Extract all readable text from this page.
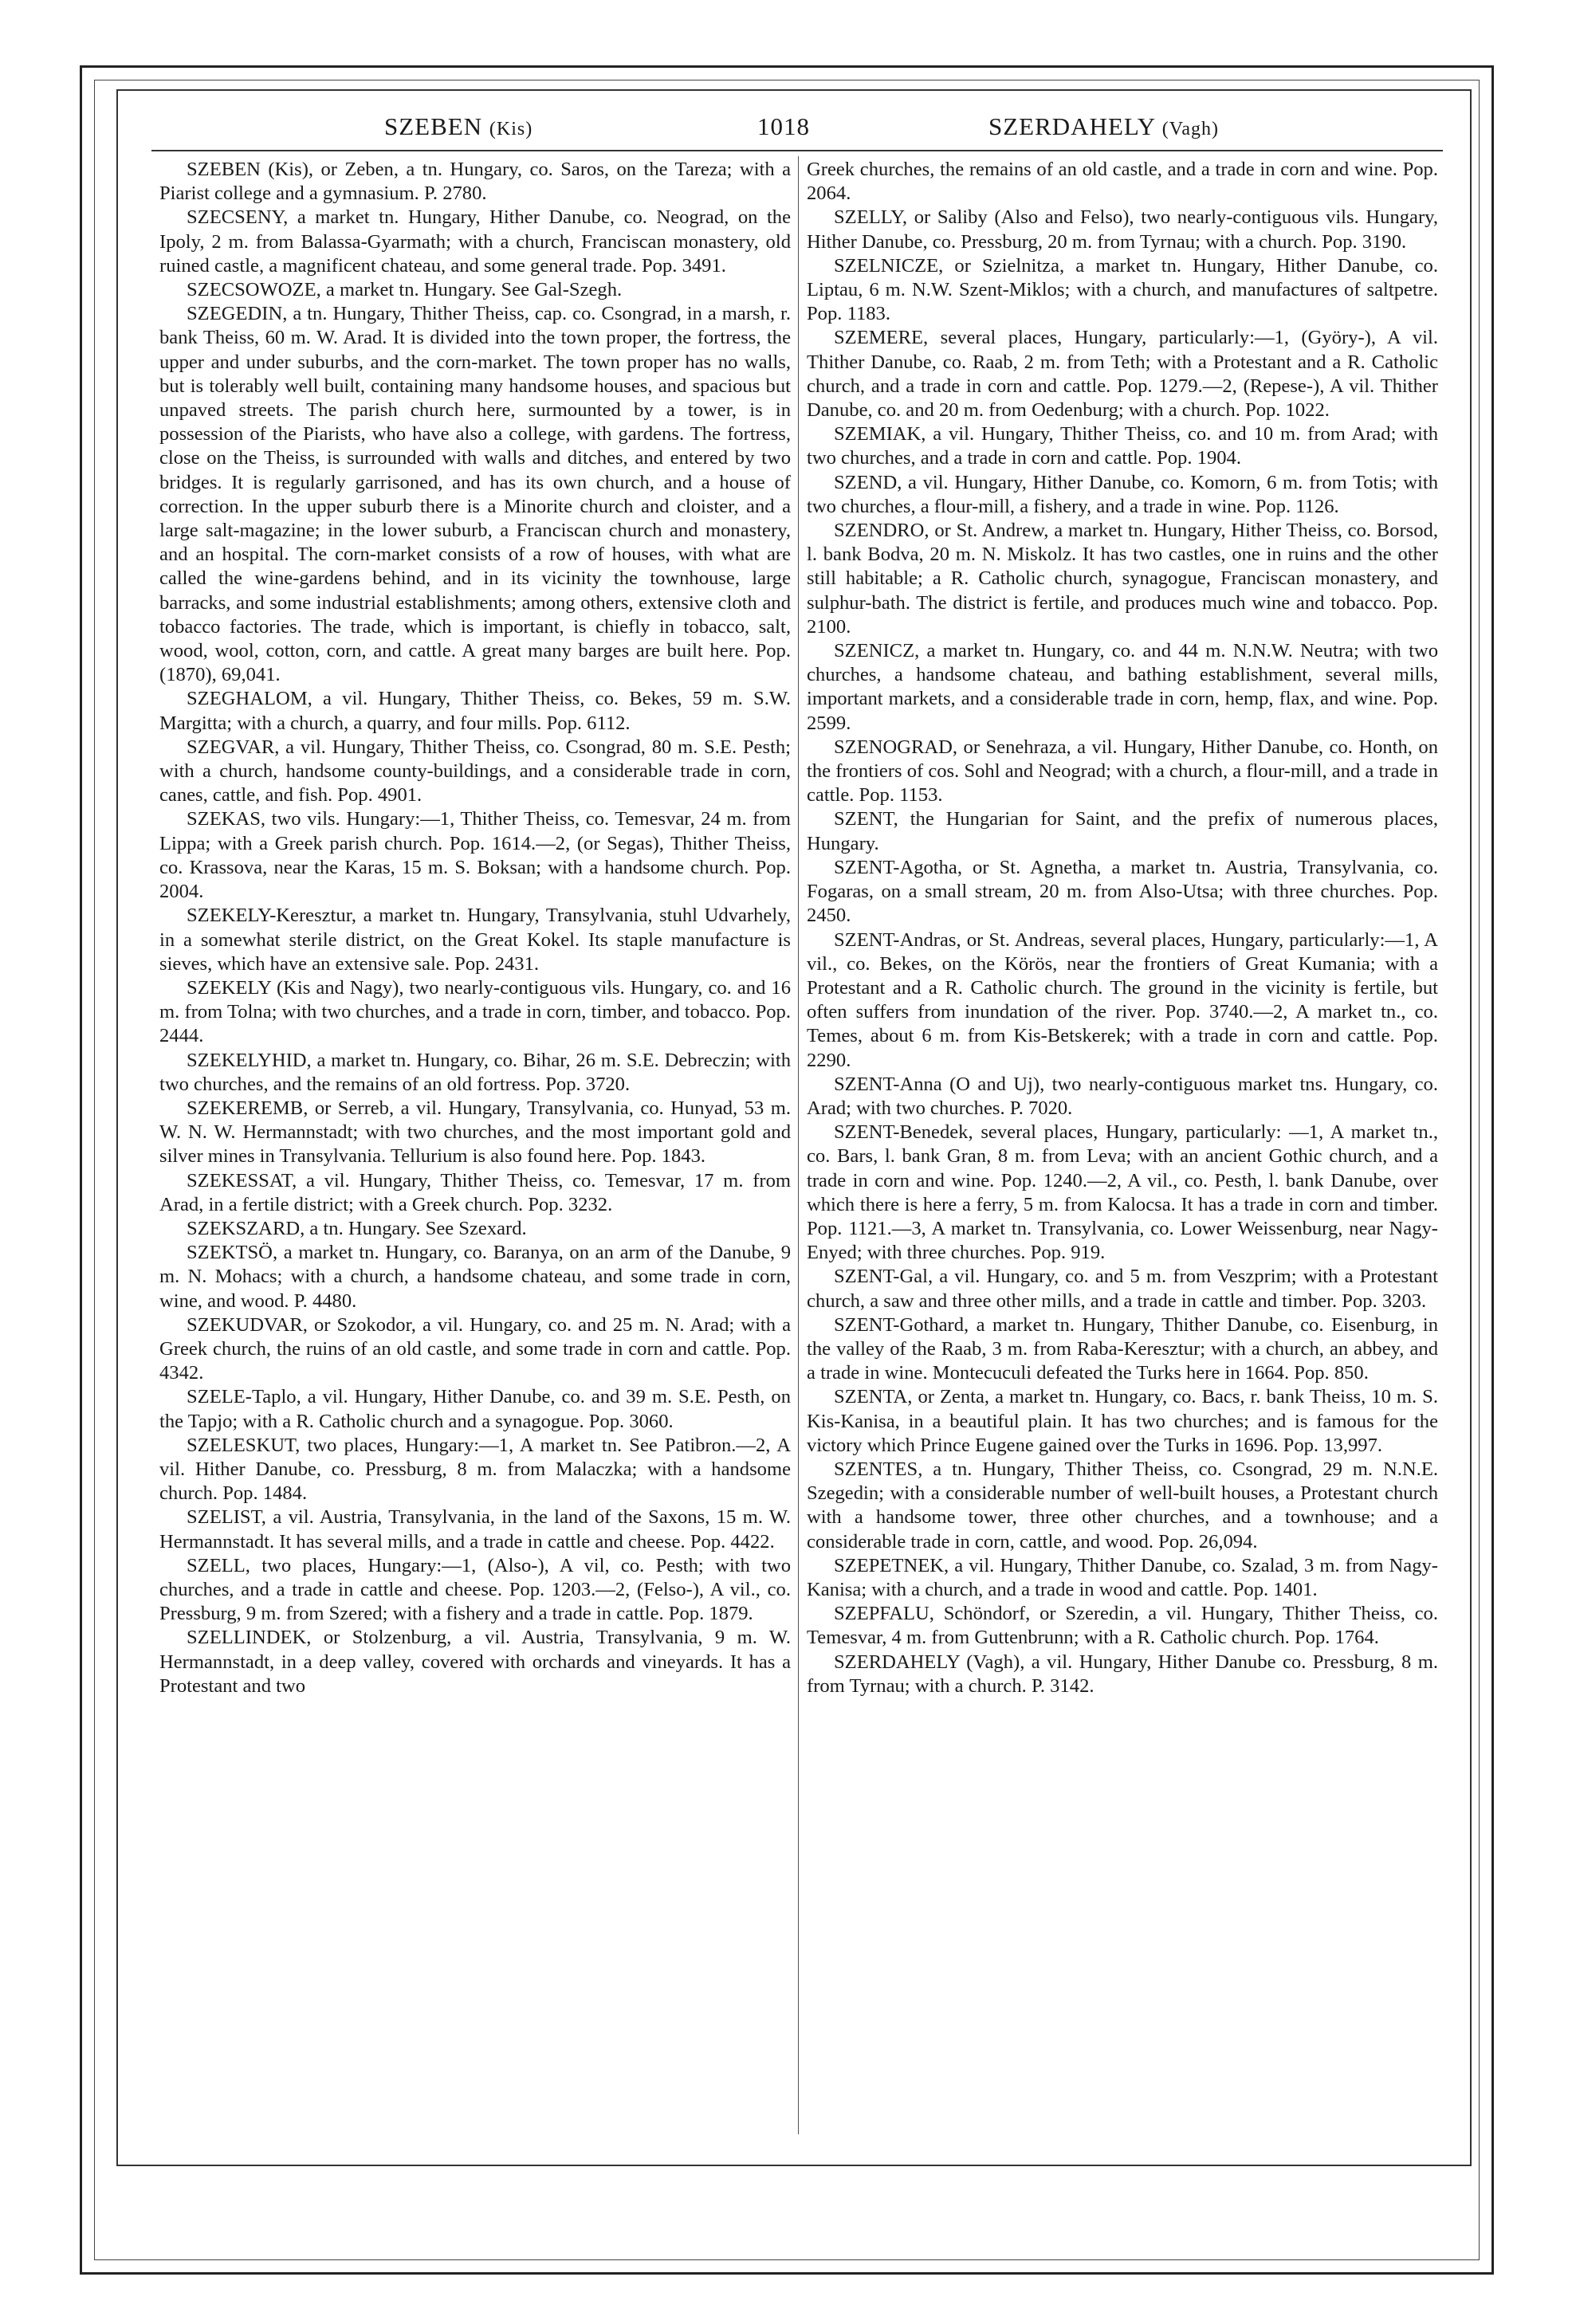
SZEBEN (Kis)	1018	SZERDAHELY (Vagh)

SZEBEN (Kis), or Zeben, a tn. Hungary, co. Saros, on the Tareza; with a Piarist college and a gymnasium. P. 2780.

SZECSENY, a market tn. Hungary, Hither Danube, co. Neograd, on the Ipoly, 2 m. from Balassa-Gyarmath; with a church, Franciscan monastery, old ruined castle, a magnificent chateau, and some general trade. Pop. 3491.

SZECSOWOZE, a market tn. Hungary. See Gal-Szegh.

SZEGEDIN, a tn. Hungary, Thither Theiss, cap. co. Csongrad, in a marsh, r. bank Theiss, 60 m. W. Arad. It is divided into the town proper, the fortress, the upper and under suburbs, and the corn-market. The town proper has no walls, but is tolerably well built, containing many handsome houses, and spacious but unpaved streets. The parish church here, surmounted by a tower, is in possession of the Piarists, who have also a college, with gardens. The fortress, close on the Theiss, is surrounded with walls and ditches, and entered by two bridges. It is regularly garrisoned, and has its own church, and a house of correction. In the upper suburb there is a Minorite church and cloister, and a large salt-magazine; in the lower suburb, a Franciscan church and monastery, and an hospital. The corn-market consists of a row of houses, with what are called the wine-gardens behind, and in its vicinity the townhouse, large barracks, and some industrial establishments; among others, extensive cloth and tobacco factories. The trade, which is important, is chiefly in tobacco, salt, wood, wool, cotton, corn, and cattle. A great many barges are built here. Pop. (1870), 69,041.

SZEGHALOM, a vil. Hungary, Thither Theiss, co. Bekes, 59 m. S.W. Margitta; with a church, a quarry, and four mills. Pop. 6112.

SZEGVAR, a vil. Hungary, Thither Theiss, co. Csongrad, 80 m. S.E. Pesth; with a church, handsome county-buildings, and a considerable trade in corn, canes, cattle, and fish. Pop. 4901.

SZEKAS, two vils. Hungary:—1, Thither Theiss, co. Temesvar, 24 m. from Lippa; with a Greek parish church. Pop. 1614.—2, (or Segas), Thither Theiss, co. Krassova, near the Karas, 15 m. S. Boksan; with a handsome church. Pop. 2004.

SZEKELY-Keresztur, a market tn. Hungary, Transylvania, stuhl Udvarhely, in a somewhat sterile district, on the Great Kokel. Its staple manufacture is sieves, which have an extensive sale. Pop. 2431.

SZEKELY (Kis and Nagy), two nearly-contiguous vils. Hungary, co. and 16 m. from Tolna; with two churches, and a trade in corn, timber, and tobacco. Pop. 2444.

SZEKELYHID, a market tn. Hungary, co. Bihar, 26 m. S.E. Debreczin; with two churches, and the remains of an old fortress. Pop. 3720.

SZEKEREMB, or Serreb, a vil. Hungary, Transylvania, co. Hunyad, 53 m. W. N. W. Hermannstadt; with two churches, and the most important gold and silver mines in Transylvania. Tellurium is also found here. Pop. 1843.

SZEKESSAT, a vil. Hungary, Thither Theiss, co. Temesvar, 17 m. from Arad, in a fertile district; with a Greek church. Pop. 3232.

SZEKSZARD, a tn. Hungary. See Szexard.

SZEKTSÖ, a market tn. Hungary, co. Baranya, on an arm of the Danube, 9 m. N. Mohacs; with a church, a handsome chateau, and some trade in corn, wine, and wood. P. 4480.

SZEKUDVAR, or Szokodor, a vil. Hungary, co. and 25 m. N. Arad; with a Greek church, the ruins of an old castle, and some trade in corn and cattle. Pop. 4342.

SZELE-Taplo, a vil. Hungary, Hither Danube, co. and 39 m. S.E. Pesth, on the Tapjo; with a R. Catholic church and a synagogue. Pop. 3060.

SZELESKUT, two places, Hungary:—1, A market tn. See Patibron.—2, A vil. Hither Danube, co. Pressburg, 8 m. from Malaczka; with a handsome church. Pop. 1484.

SZELIST, a vil. Austria, Transylvania, in the land of the Saxons, 15 m. W. Hermannstadt. It has several mills, and a trade in cattle and cheese. Pop. 4422.

SZELL, two places, Hungary:—1, (Also-), A vil, co. Pesth; with two churches, and a trade in cattle and cheese. Pop. 1203.—2, (Felso-), A vil., co. Pressburg, 9 m. from Szered; with a fishery and a trade in cattle. Pop. 1879.

SZELLINDEK, or Stolzenburg, a vil. Austria, Transylvania, 9 m. W. Hermannstadt, in a deep valley, covered with orchards and vineyards. It has a Protestant and two

Greek churches, the remains of an old castle, and a trade in corn and wine. Pop. 2064.

SZELLY, or Saliby (Also and Felso), two nearly-contiguous vils. Hungary, Hither Danube, co. Pressburg, 20 m. from Tyrnau; with a church. Pop. 3190.

SZELNICZE, or Szielnitza, a market tn. Hungary, Hither Danube, co. Liptau, 6 m. N.W. Szent-Miklos; with a church, and manufactures of saltpetre. Pop. 1183.

SZEMERE, several places, Hungary, particularly:—1, (Györy-), A vil. Thither Danube, co. Raab, 2 m. from Teth; with a Protestant and a R. Catholic church, and a trade in corn and cattle. Pop. 1279.—2, (Repese-), A vil. Thither Danube, co. and 20 m. from Oedenburg; with a church. Pop. 1022.

SZEMIAK, a vil. Hungary, Thither Theiss, co. and 10 m. from Arad; with two churches, and a trade in corn and cattle. Pop. 1904.

SZEND, a vil. Hungary, Hither Danube, co. Komorn, 6 m. from Totis; with two churches, a flour-mill, a fishery, and a trade in wine. Pop. 1126.

SZENDRO, or St. Andrew, a market tn. Hungary, Hither Theiss, co. Borsod, l. bank Bodva, 20 m. N. Miskolz. It has two castles, one in ruins and the other still habitable; a R. Catholic church, synagogue, Franciscan monastery, and sulphur-bath. The district is fertile, and produces much wine and tobacco. Pop. 2100.

SZENICZ, a market tn. Hungary, co. and 44 m. N.N.W. Neutra; with two churches, a handsome chateau, and bathing establishment, several mills, important markets, and a considerable trade in corn, hemp, flax, and wine. Pop. 2599.

SZENOGRAD, or Senehraza, a vil. Hungary, Hither Danube, co. Honth, on the frontiers of cos. Sohl and Neograd; with a church, a flour-mill, and a trade in cattle. Pop. 1153.

SZENT, the Hungarian for Saint, and the prefix of numerous places, Hungary.

SZENT-Agotha, or St. Agnetha, a market tn. Austria, Transylvania, co. Fogaras, on a small stream, 20 m. from Also-Utsa; with three churches. Pop. 2450.

SZENT-Andras, or St. Andreas, several places, Hungary, particularly:—1, A vil., co. Bekes, on the Körös, near the frontiers of Great Kumania; with a Protestant and a R. Catholic church. The ground in the vicinity is fertile, but often suffers from inundation of the river. Pop. 3740.—2, A market tn., co. Temes, about 6 m. from Kis-Betskerek; with a trade in corn and cattle. Pop. 2290.

SZENT-Anna (O and Uj), two nearly-contiguous market tns. Hungary, co. Arad; with two churches. P. 7020.

SZENT-Benedek, several places, Hungary, particularly: —1, A market tn., co. Bars, l. bank Gran, 8 m. from Leva; with an ancient Gothic church, and a trade in corn and wine. Pop. 1240.—2, A vil., co. Pesth, l. bank Danube, over which there is here a ferry, 5 m. from Kalocsa. It has a trade in corn and timber. Pop. 1121.—3, A market tn. Transylvania, co. Lower Weissenburg, near Nagy-Enyed; with three churches. Pop. 919.

SZENT-Gal, a vil. Hungary, co. and 5 m. from Veszprim; with a Protestant church, a saw and three other mills, and a trade in cattle and timber. Pop. 3203.

SZENT-Gothard, a market tn. Hungary, Thither Danube, co. Eisenburg, in the valley of the Raab, 3 m. from Raba-Keresztur; with a church, an abbey, and a trade in wine. Montecuculi defeated the Turks here in 1664. Pop. 850.

SZENTA, or Zenta, a market tn. Hungary, co. Bacs, r. bank Theiss, 10 m. S. Kis-Kanisa, in a beautiful plain. It has two churches; and is famous for the victory which Prince Eugene gained over the Turks in 1696. Pop. 13,997.

SZENTES, a tn. Hungary, Thither Theiss, co. Csongrad, 29 m. N.N.E. Szegedin; with a considerable number of well-built houses, a Protestant church with a handsome tower, three other churches, and a townhouse; and a considerable trade in corn, cattle, and wood. Pop. 26,094.

SZEPETNEK, a vil. Hungary, Thither Danube, co. Szalad, 3 m. from Nagy-Kanisa; with a church, and a trade in wood and cattle. Pop. 1401.

SZEPFALU, Schöndorf, or Szeredin, a vil. Hungary, Thither Theiss, co. Temesvar, 4 m. from Guttenbrunn; with a R. Catholic church. Pop. 1764.

SZERDAHELY (Vagh), a vil. Hungary, Hither Danube co. Pressburg, 8 m. from Tyrnau; with a church. P. 3142.
